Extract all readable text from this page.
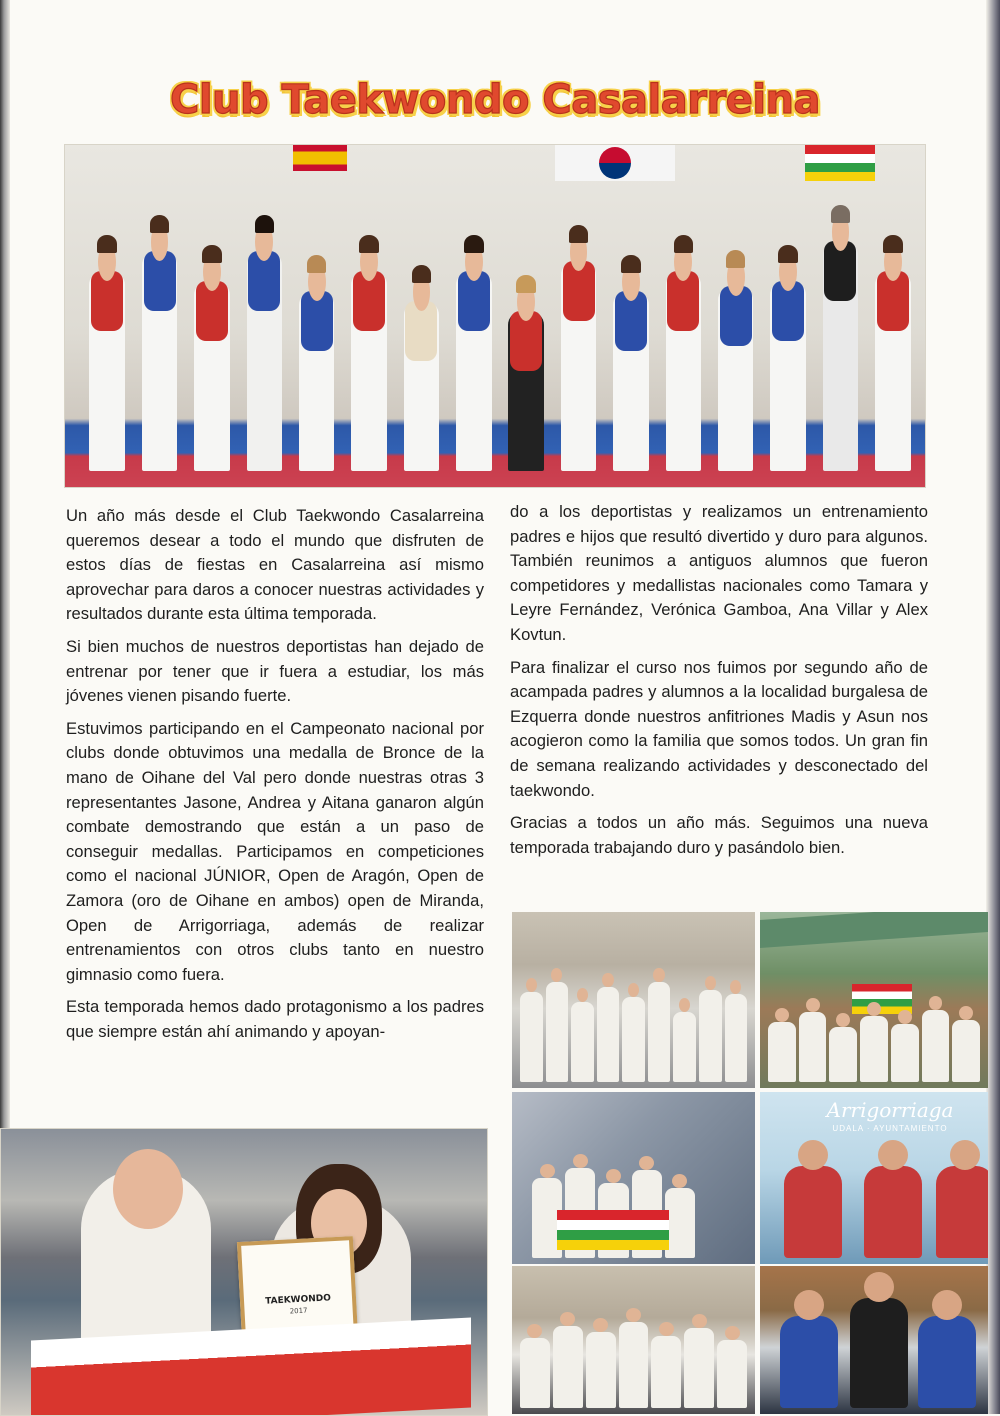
Club Taekwondo Casalarreina

Un año más desde el Club Taekwondo Casalarreina queremos desear a todo el mundo que disfruten de estos días de fiestas en Casalarreina así mismo aprovechar para daros a conocer nuestras actividades y resultados durante esta última temporada.

Si bien muchos de nuestros deportistas han dejado de entrenar por tener que ir fuera a estudiar, los más jóvenes vienen pisando fuerte.

Estuvimos participando en el Campeonato nacional por clubs donde obtuvimos una medalla de Bronce de la mano de Oihane del Val pero donde nuestras otras 3 representantes Jasone, Andrea y Aitana ganaron algún combate demostrando que están a un paso de conseguir medallas. Participamos en competiciones como el nacional JÚNIOR, Open de Aragón, Open de Zamora (oro de Oihane en ambos) open de Miranda, Open de Arrigorriaga, además de realizar entrenamientos con otros clubs tanto en nuestro gimnasio como fuera.

Esta temporada hemos dado protagonismo a los padres que siempre están ahí animando y apoyan-

do a los deportistas y realizamos un entrenamiento padres e hijos que resultó divertido y duro para algunos. También reunimos a antiguos alumnos que fueron competidores y medallistas nacionales como Tamara y Leyre Fernández, Verónica Gamboa, Ana Villar y Alex Kovtun.

Para finalizar el curso nos fuimos por segundo año de acampada padres y alumnos a la localidad burgalesa de Ezquerra donde nuestros anfitriones Madis y Asun nos acogieron como la familia que somos todos. Un gran fin de semana realizando actividades y desconectado del taekwondo.

Gracias a todos un año más. Seguimos una nueva temporada trabajando duro y pasándolo bien.

TAEKWONDO
2017
Arrigorriaga
UDALA · AYUNTAMIENTO
